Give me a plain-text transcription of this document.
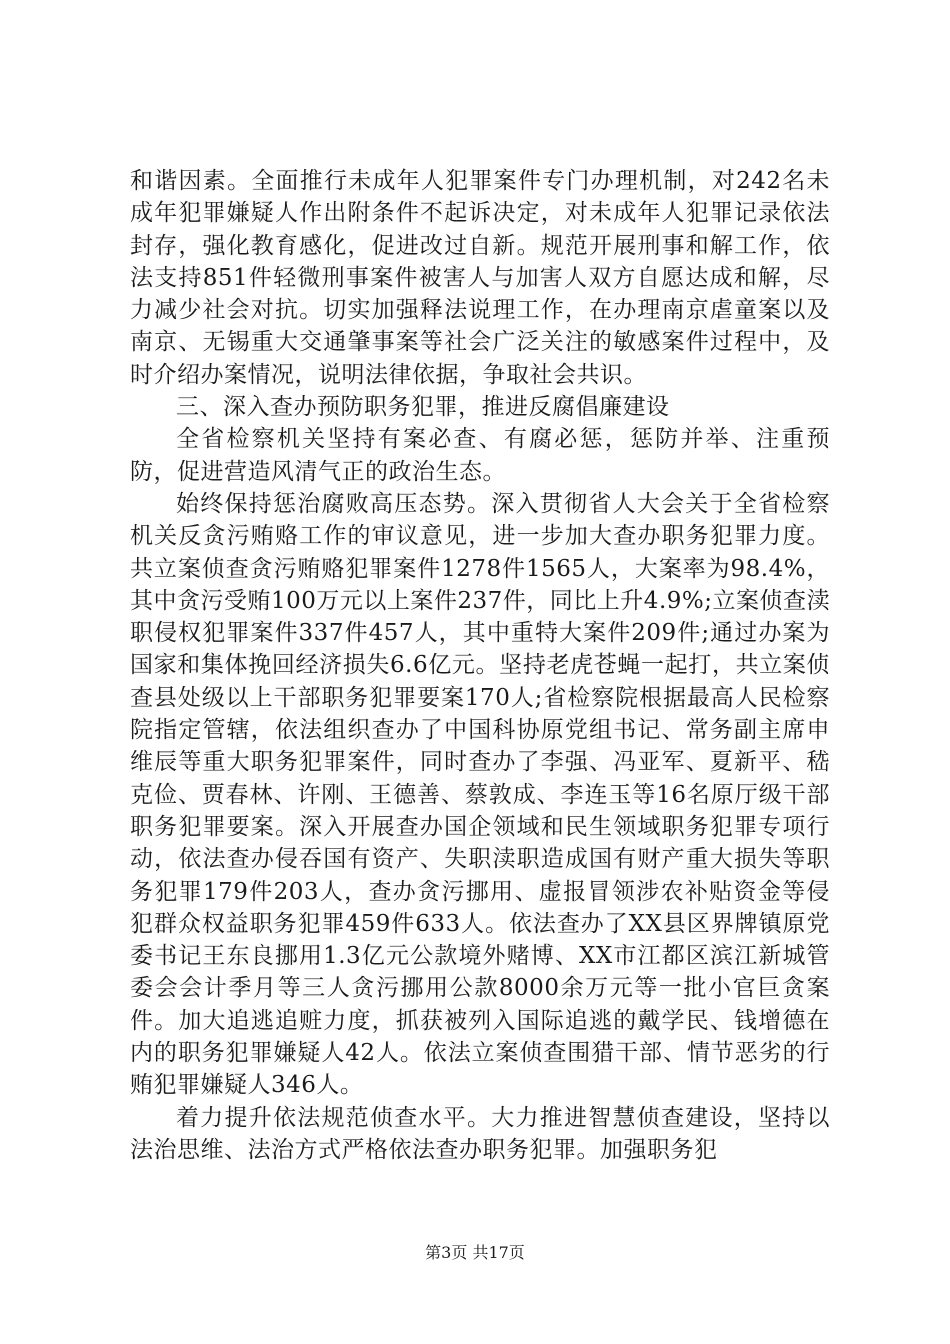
和谐因素。全面推行未成年人犯罪案件专门办理机制，对242名未成年犯罪嫌疑人作出附条件不起诉决定，对未成年人犯罪记录依法封存，强化教育感化，促进改过自新。规范开展刑事和解工作，依法支持851件轻微刑事案件被害人与加害人双方自愿达成和解，尽力减少社会对抗。切实加强释法说理工作，在办理南京虐童案以及南京、无锡重大交通肇事案等社会广泛关注的敏感案件过程中，及时介绍办案情况，说明法律依据，争取社会共识。

三、深入查办预防职务犯罪，推进反腐倡廉建设

全省检察机关坚持有案必查、有腐必惩，惩防并举、注重预防，促进营造风清气正的政治生态。

始终保持惩治腐败高压态势。深入贯彻省人大会关于全省检察机关反贪污贿赂工作的审议意见，进一步加大查办职务犯罪力度。共立案侦查贪污贿赂犯罪案件1278件1565人，大案率为98.4%，其中贪污受贿100万元以上案件237件，同比上升4.9%;立案侦查渎职侵权犯罪案件337件457人，其中重特大案件209件;通过办案为国家和集体挽回经济损失6.6亿元。坚持老虎苍蝇一起打，共立案侦查县处级以上干部职务犯罪要案170人;省检察院根据最高人民检察院指定管辖，依法组织查办了中国科协原党组书记、常务副主席申维辰等重大职务犯罪案件，同时查办了李强、冯亚军、夏新平、嵇克俭、贾春林、许刚、王德善、蔡敦成、李连玉等16名原厅级干部职务犯罪要案。深入开展查办国企领域和民生领域职务犯罪专项行动，依法查办侵吞国有资产、失职渎职造成国有财产重大损失等职务犯罪179件203人，查办贪污挪用、虚报冒领涉农补贴资金等侵犯群众权益职务犯罪459件633人。依法查办了XX县区界牌镇原党委书记王东良挪用1.3亿元公款境外赌博、XX市江都区滨江新城管委会会计季月等三人贪污挪用公款8000余万元等一批小官巨贪案件。加大追逃追赃力度，抓获被列入国际追逃的戴学民、钱增德在内的职务犯罪嫌疑人42人。依法立案侦查围猎干部、情节恶劣的行贿犯罪嫌疑人346人。

着力提升依法规范侦查水平。大力推进智慧侦查建设，坚持以法治思维、法治方式严格依法查办职务犯罪。加强职务犯

第3页 共17页
